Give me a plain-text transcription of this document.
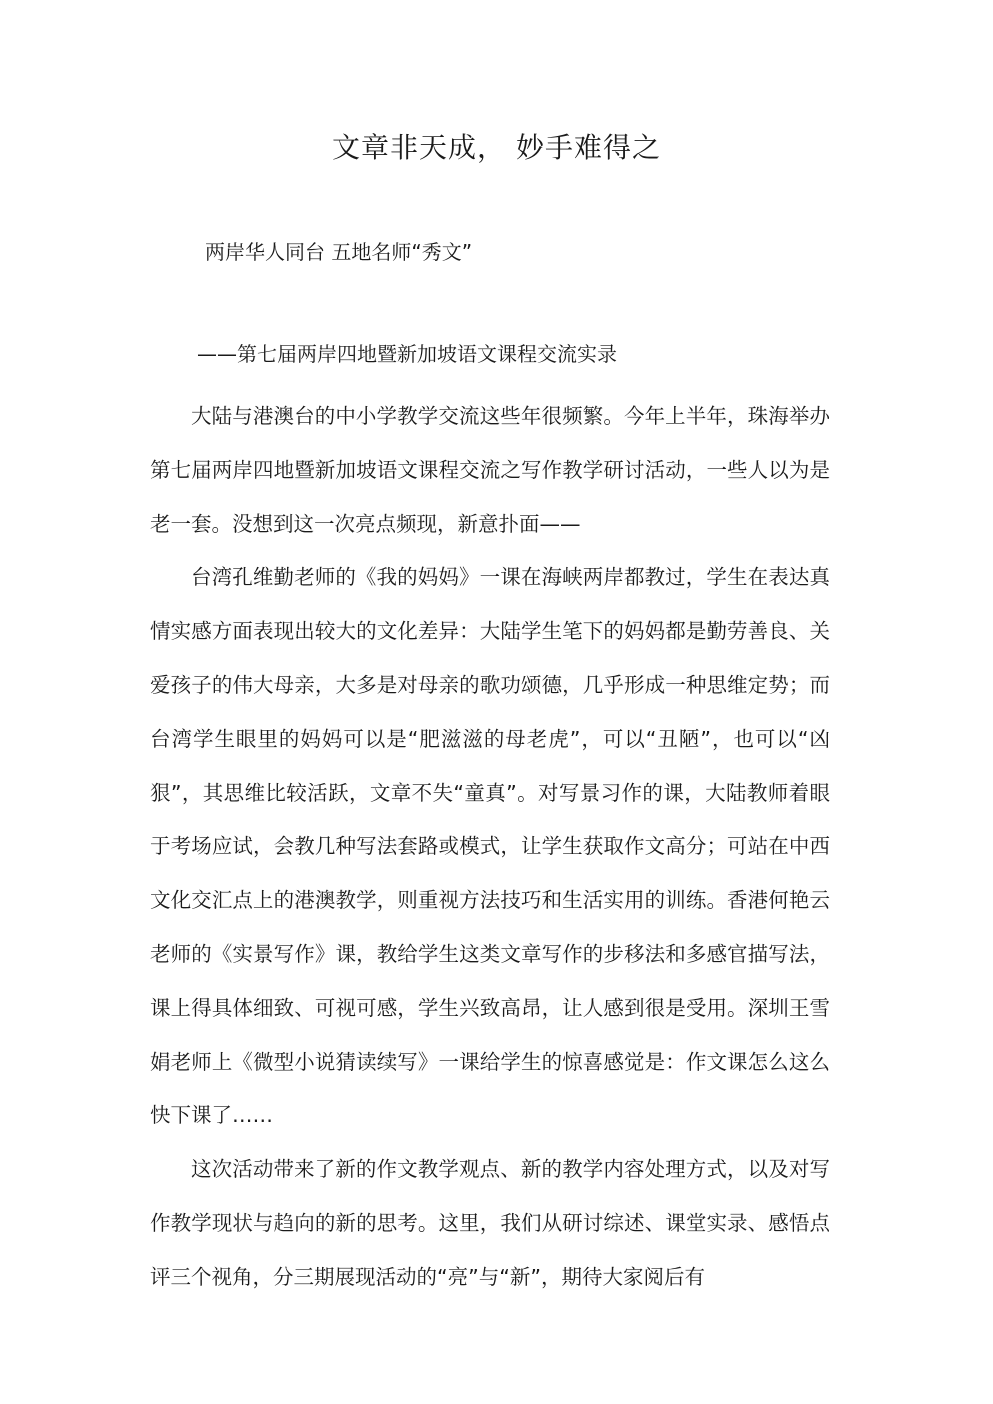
文章非天成， 妙手难得之
两岸华人同台 五地名师“秀文”
——第七届两岸四地暨新加坡语文课程交流实录

大陆与港澳台的中小学教学交流这些年很频繁。今年上半年，珠海举办第七届两岸四地暨新加坡语文课程交流之写作教学研讨活动，一些人以为是老一套。没想到这一次亮点频现，新意扑面——

台湾孔维勤老师的《我的妈妈》一课在海峡两岸都教过，学生在表达真情实感方面表现出较大的文化差异：大陆学生笔下的妈妈都是勤劳善良、关爱孩子的伟大母亲，大多是对母亲的歌功颂德，几乎形成一种思维定势；而台湾学生眼里的妈妈可以是“肥滋滋的母老虎”，可以“丑陋”，也可以“凶狠”，其思维比较活跃，文章不失“童真”。对写景习作的课，大陆教师着眼于考场应试，会教几种写法套路或模式，让学生获取作文高分；可站在中西文化交汇点上的港澳教学，则重视方法技巧和生活实用的训练。香港何艳云老师的《实景写作》课，教给学生这类文章写作的步移法和多感官描写法，课上得具体细致、可视可感，学生兴致高昂，让人感到很是受用。深圳王雪娟老师上《微型小说猜读续写》一课给学生的惊喜感觉是：作文课怎么这么快下课了……

这次活动带来了新的作文教学观点、新的教学内容处理方式，以及对写作教学现状与趋向的新的思考。这里，我们从研讨综述、课堂实录、感悟点评三个视角，分三期展现活动的“亮”与“新”，期待大家阅后有
